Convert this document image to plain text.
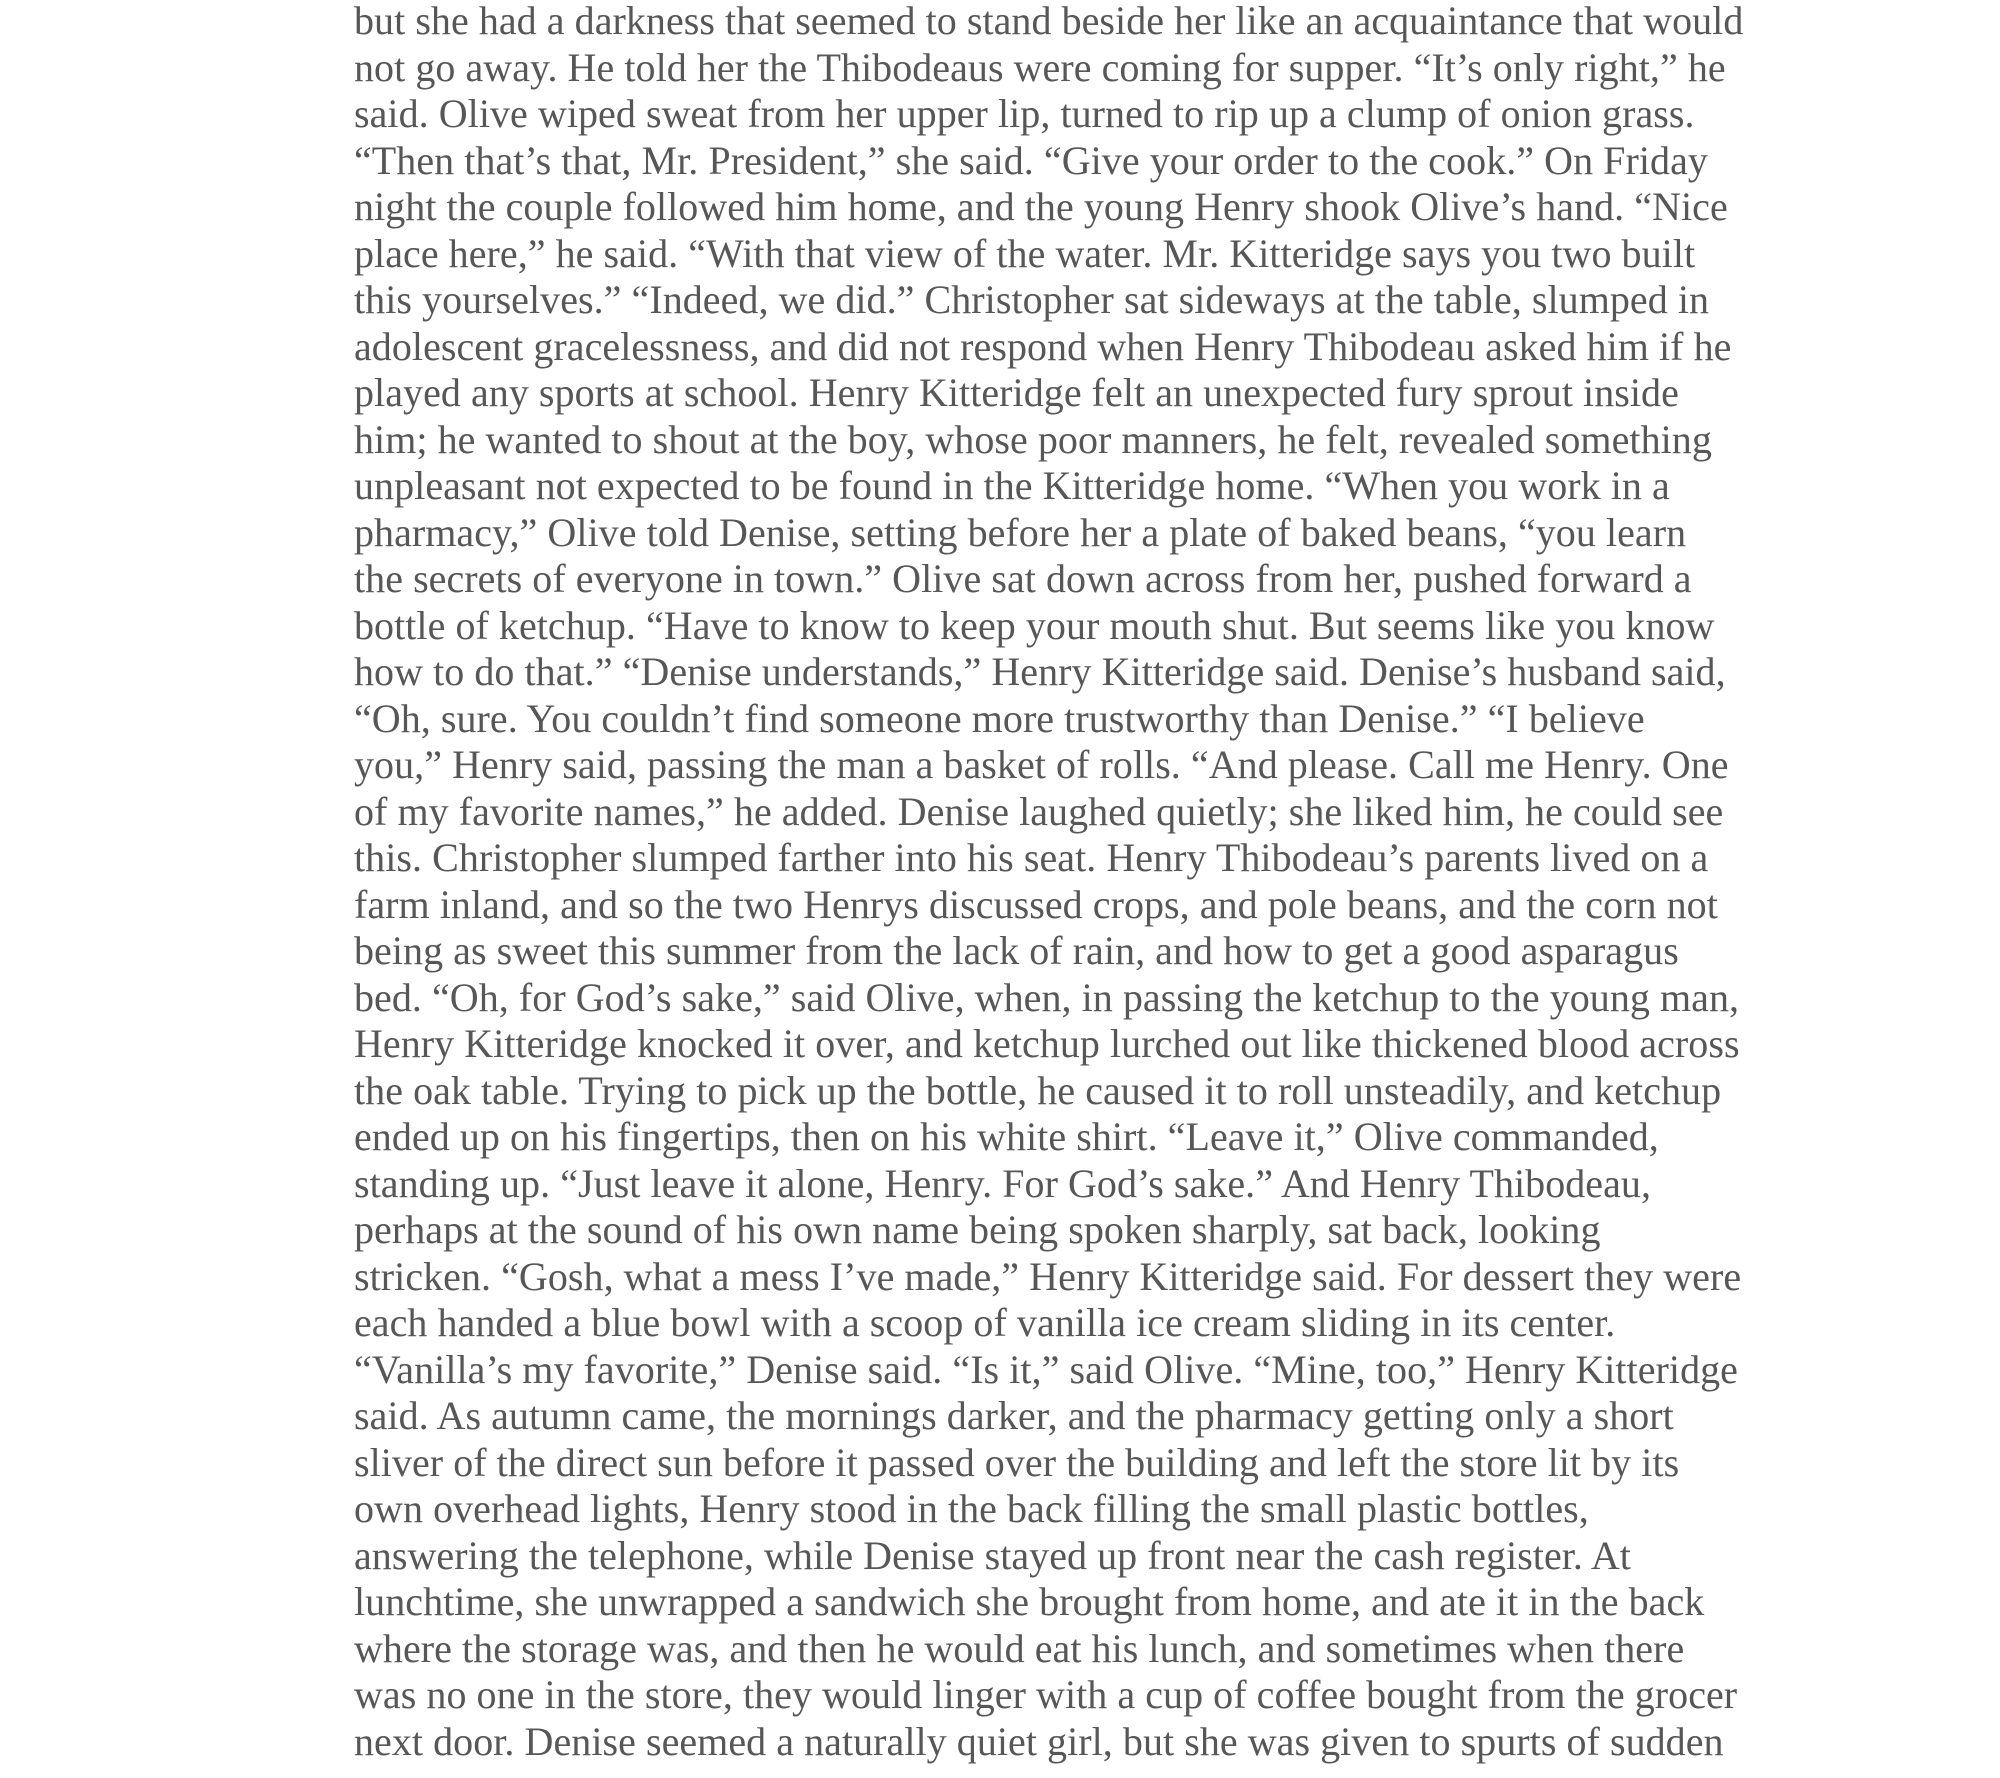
but she had a darkness that seemed to stand beside her like an acquaintance that would

not go away. He told her the Thibodeaus were coming for supper. “It’s only right,” he

said. Olive wiped sweat from her upper lip, turned to rip up a clump of onion grass.

“Then that’s that, Mr. President,” she said. “Give your order to the cook.” On Friday

night the couple followed him home, and the young Henry shook Olive’s hand. “Nice

place here,” he said. “With that view of the water. Mr. Kitteridge says you two built

this yourselves.” “Indeed, we did.” Christopher sat sideways at the table, slumped in

adolescent gracelessness, and did not respond when Henry Thibodeau asked him if he

played any sports at school. Henry Kitteridge felt an unexpected fury sprout inside

him; he wanted to shout at the boy, whose poor manners, he felt, revealed something

unpleasant not expected to be found in the Kitteridge home. “When you work in a

pharmacy,” Olive told Denise, setting before her a plate of baked beans, “you learn

the secrets of everyone in town.” Olive sat down across from her, pushed forward a

bottle of ketchup. “Have to know to keep your mouth shut. But seems like you know

how to do that.” “Denise understands,” Henry Kitteridge said. Denise’s husband said,

“Oh, sure. You couldn’t find someone more trustworthy than Denise.” “I believe

you,” Henry said, passing the man a basket of rolls. “And please. Call me Henry. One

of my favorite names,” he added. Denise laughed quietly; she liked him, he could see

this. Christopher slumped farther into his seat. Henry Thibodeau’s parents lived on a

farm inland, and so the two Henrys discussed crops, and pole beans, and the corn not

being as sweet this summer from the lack of rain, and how to get a good asparagus

bed. “Oh, for God’s sake,” said Olive, when, in passing the ketchup to the young man,

Henry Kitteridge knocked it over, and ketchup lurched out like thickened blood across

the oak table. Trying to pick up the bottle, he caused it to roll unsteadily, and ketchup

ended up on his fingertips, then on his white shirt. “Leave it,” Olive commanded,

standing up. “Just leave it alone, Henry. For God’s sake.” And Henry Thibodeau,

perhaps at the sound of his own name being spoken sharply, sat back, looking

stricken. “Gosh, what a mess I’ve made,” Henry Kitteridge said. For dessert they were

each handed a blue bowl with a scoop of vanilla ice cream sliding in its center.

“Vanilla’s my favorite,” Denise said. “Is it,” said Olive. “Mine, too,” Henry Kitteridge

said. As autumn came, the mornings darker, and the pharmacy getting only a short

sliver of the direct sun before it passed over the building and left the store lit by its

own overhead lights, Henry stood in the back filling the small plastic bottles,

answering the telephone, while Denise stayed up front near the cash register. At

lunchtime, she unwrapped a sandwich she brought from home, and ate it in the back

where the storage was, and then he would eat his lunch, and sometimes when there

was no one in the store, they would linger with a cup of coffee bought from the grocer

next door. Denise seemed a naturally quiet girl, but she was given to spurts of sudden
